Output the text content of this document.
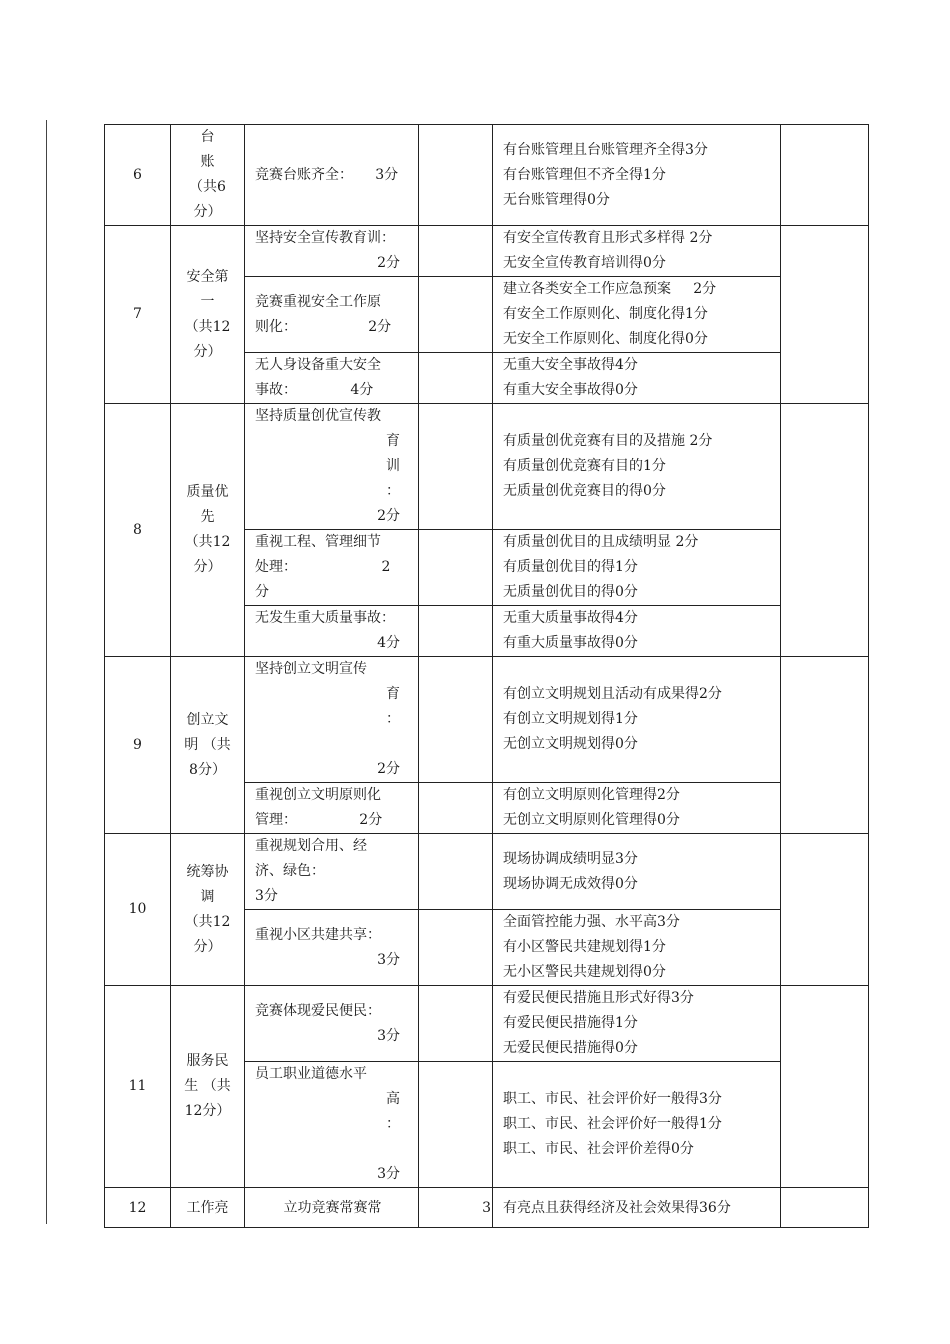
6	台
账
（共6
分）	竞赛台账齐全：     3分		有台账管理且台账管理齐全得3分
有台账管理但不齐全得1分
无台账管理得0分	

7	安全第
一
（共12
分）	坚持安全宣传教育训：
2分		有安全宣传教育且形式多样得 2分
无安全宣传教育培训得0分	

		竞赛重视安全工作原
则化：                2分		建立各类安全工作应急预案     2分
有安全工作原则化、制度化得1分
无安全工作原则化、制度化得0分	

		无人身设备重大安全
事故：            4分		无重大安全事故得4分
有重大安全事故得0分	

8	质量优
先
（共12
分）	坚持质量创优宣传教
育
训
：
2分		有质量创优竞赛有目的及措施 2分
有质量创优竞赛有目的1分
无质量创优竞赛目的得0分	

		重视工程、管理细节
处理：                   2
分		有质量创优目的且成绩明显 2分
有质量创优目的得1分
无质量创优目的得0分	

		无发生重大质量事故：
4分		无重大质量事故得4分
有重大质量事故得0分	

9	创立文
明 （共
8分）	坚持创立文明宣传
育
：
2分		有创立文明规划且活动有成果得2分
有创立文明规划得1分
无创立文明规划得0分	

		重视创立文明原则化
管理：              2分		有创立文明原则化管理得2分
无创立文明原则化管理得0分	

10	统筹协
调
（共12
分）	重视规划合用、经
济、绿色：
3分		现场协调成绩明显3分
现场协调无成效得0分	

		重视小区共建共享：
3分		全面管控能力强、水平高3分
有小区警民共建规划得1分
无小区警民共建规划得0分	

11	服务民
生 （共
12分）	竞赛体现爱民便民：
3分		有爱民便民措施且形式好得3分
有爱民便民措施得1分
无爱民便民措施得0分	

		员工职业道德水平
高
：
3分		职工、市民、社会评价好一般得3分
职工、市民、社会评价好一般得1分
职工、市民、社会评价差得0分	

12	工作亮	立功竞赛常赛常	3	有亮点且获得经济及社会效果得36分	
